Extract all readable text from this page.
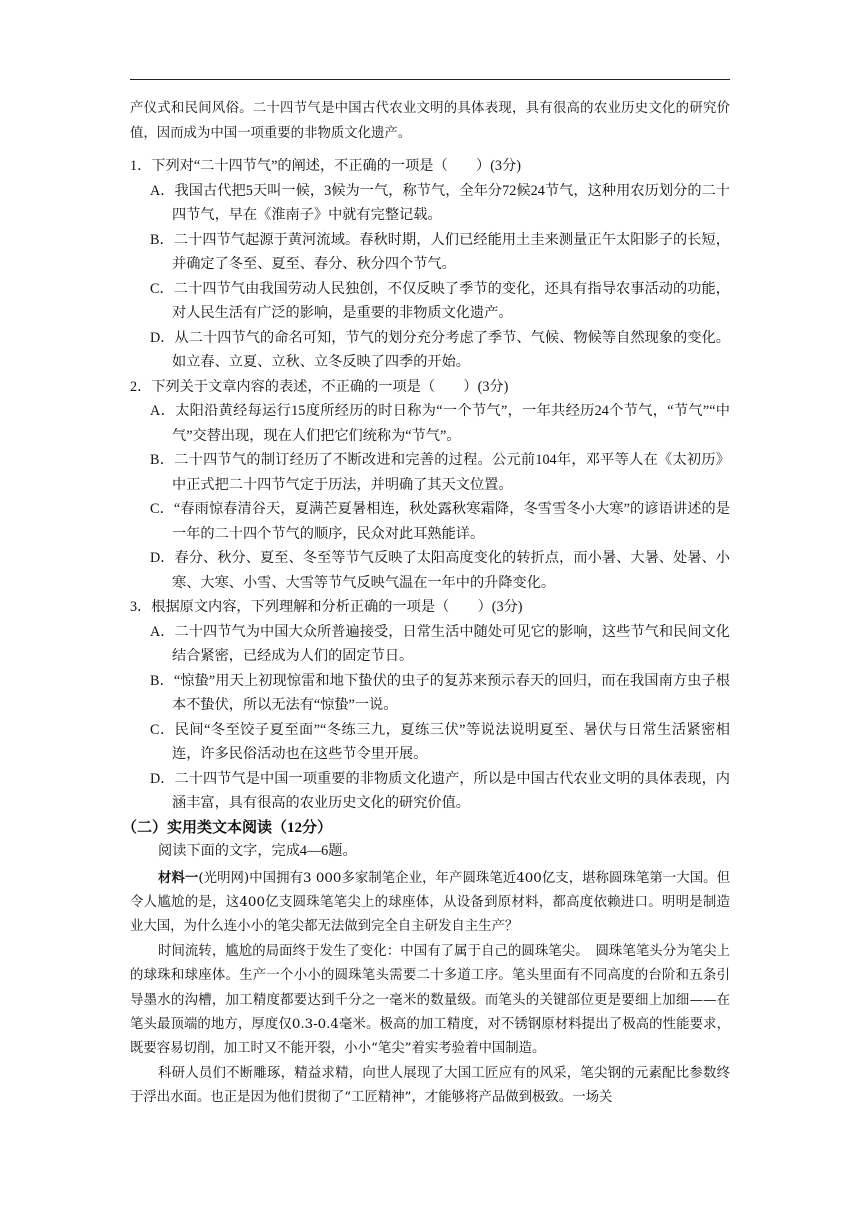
产仪式和民间风俗。二十四节气是中国古代农业文明的具体表现，具有很高的农业历史文化的研究价值，因而成为中国一项重要的非物质文化遗产。

1．下列对“二十四节气”的阐述，不正确的一项是（　　）(3分)

A．我国古代把5天叫一候，3候为一气，称节气，全年分72候24节气，这种用农历划分的二十四节气，早在《淮南子》中就有完整记载。

B．二十四节气起源于黄河流域。春秋时期，人们已经能用土圭来测量正午太阳影子的长短，并确定了冬至、夏至、春分、秋分四个节气。

C．二十四节气由我国劳动人民独创，不仅反映了季节的变化，还具有指导农事活动的功能，对人民生活有广泛的影响，是重要的非物质文化遗产。

D．从二十四节气的命名可知，节气的划分充分考虑了季节、气候、物候等自然现象的变化。如立春、立夏、立秋、立冬反映了四季的开始。

2．下列关于文章内容的表述，不正确的一项是（　　）(3分)

A．太阳沿黄经每运行15度所经历的时日称为“一个节气”，一年共经历24个节气，“节气”“中气”交替出现，现在人们把它们统称为“节气”。

B．二十四节气的制订经历了不断改进和完善的过程。公元前104年，邓平等人在《太初历》中正式把二十四节气定于历法，并明确了其天文位置。

C．“春雨惊春清谷天，夏满芒夏暑相连，秋处露秋寒霜降，冬雪雪冬小大寒”的谚语讲述的是一年的二十四个节气的顺序，民众对此耳熟能详。

D．春分、秋分、夏至、冬至等节气反映了太阳高度变化的转折点，而小暑、大暑、处暑、小寒、大寒、小雪、大雪等节气反映气温在一年中的升降变化。

3．根据原文内容，下列理解和分析正确的一项是（　　）(3分)

A．二十四节气为中国大众所普遍接受，日常生活中随处可见它的影响，这些节气和民间文化结合紧密，已经成为人们的固定节日。

B．“惊蛰”用天上初现惊雷和地下蛰伏的虫子的复苏来预示春天的回归，而在我国南方虫子根本不蛰伏，所以无法有“惊蛰”一说。

C．民间“冬至饺子夏至面”“冬练三九，夏练三伏”等说法说明夏至、暑伏与日常生活紧密相连，许多民俗活动也在这些节令里开展。

D．二十四节气是中国一项重要的非物质文化遗产，所以是中国古代农业文明的具体表现，内涵丰富，具有很高的农业历史文化的研究价值。

（二）实用类文本阅读（12分）

阅读下面的文字，完成4—6题。

材料一(光明网)中国拥有3 000多家制笔企业，年产圆珠笔近400亿支，堪称圆珠笔第一大国。但令人尴尬的是，这400亿支圆珠笔笔尖上的球座体，从设备到原材料，都高度依赖进口。明明是制造业大国，为什么连小小的笔尖都无法做到完全自主研发自主生产？

时间流转，尴尬的局面终于发生了变化：中国有了属于自己的圆珠笔尖。　圆珠笔笔头分为笔尖上的球珠和球座体。生产一个小小的圆珠笔头需要二十多道工序。笔头里面有不同高度的台阶和五条引导墨水的沟槽，加工精度都要达到千分之一毫米的数量级。而笔头的关键部位更是要细上加细——在笔头最顶端的地方，厚度仅0.3-0.4毫米。极高的加工精度，对不锈钢原材料提出了极高的性能要求，既要容易切削，加工时又不能开裂，小小“笔尖”着实考验着中国制造。

科研人员们不断雕琢，精益求精，向世人展现了大国工匠应有的风采，笔尖钢的元素配比参数终于浮出水面。也正是因为他们贯彻了“工匠精神”，才能够将产品做到极致。一场关
